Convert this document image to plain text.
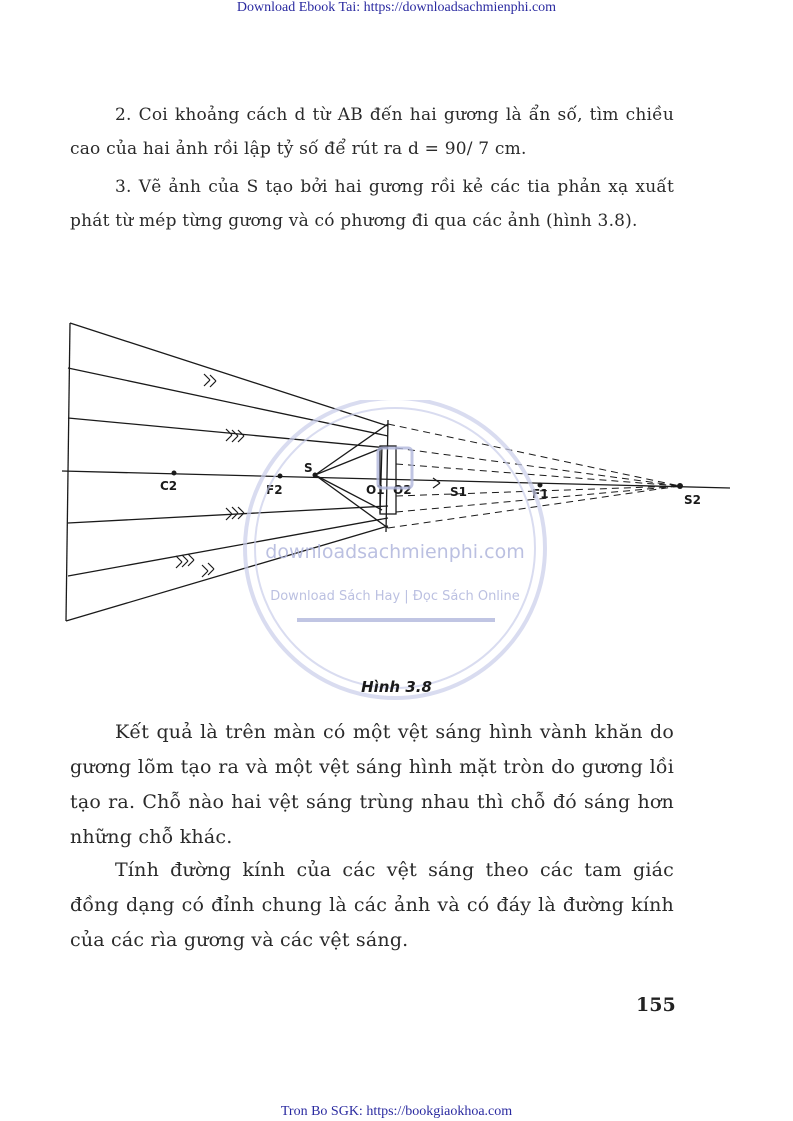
Download Ebook Tai: https://downloadsachmienphi.com

2. Coi khoảng cách d từ AB đến hai gương là ẩn số, tìm chiều cao của hai ảnh rồi lập tỷ số để rút ra d = 90/ 7 cm.

3. Vẽ ảnh của S tạo bởi hai gương rồi kẻ các tia phản xạ xuất phát từ mép từng gương và có phương đi qua các ảnh (hình 3.8).

C2	F2
S
O1 O2	S1	F1	S2
downloadsachmienphi.com
Download Sách Hay | Đọc Sách Online
Hình 3.8

Kết quả là trên màn có một vệt sáng hình vành khăn do gương lõm tạo ra và một vệt sáng hình mặt tròn do gương lồi tạo ra. Chỗ nào hai vệt sáng trùng nhau thì chỗ đó sáng hơn những chỗ khác.

Tính đường kính của các vệt sáng theo các tam giác đồng dạng có đỉnh chung là các ảnh và có đáy là đường kính của các rìa gương và các vệt sáng.

155
Tron Bo SGK: https://bookgiaokhoa.com
